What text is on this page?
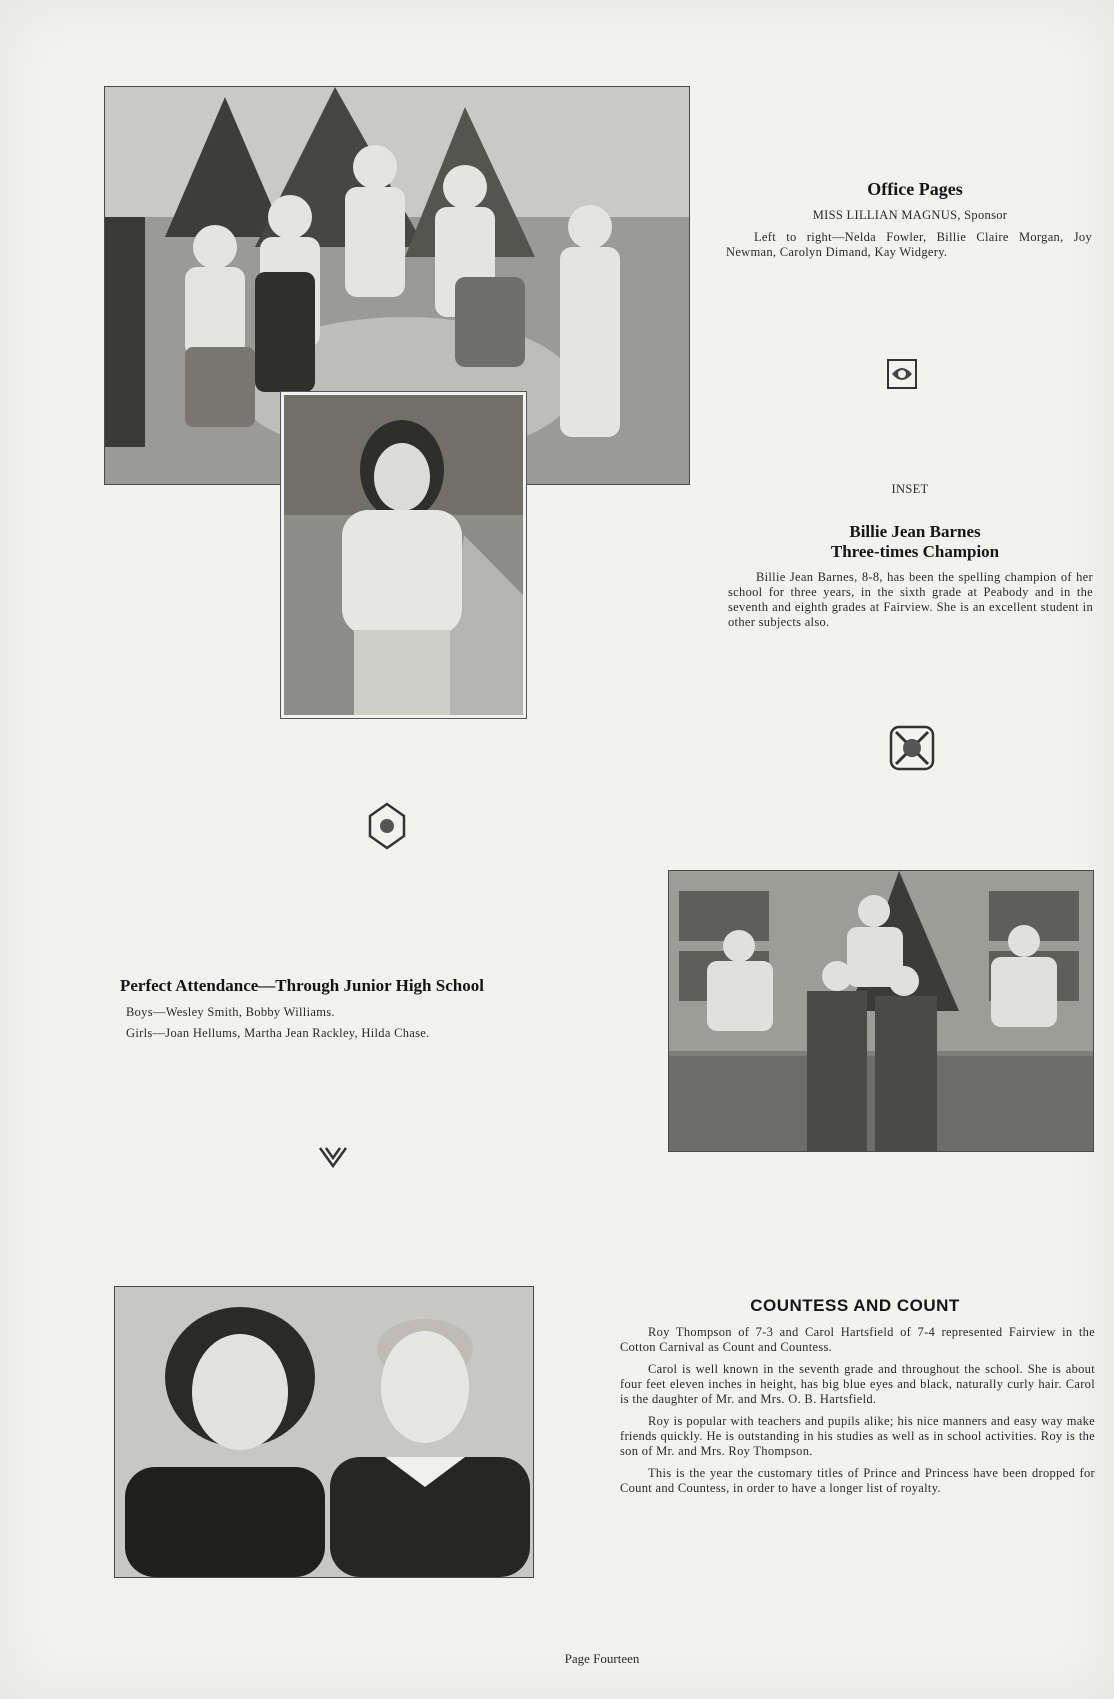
Office Pages
MISS LILLIAN MAGNUS, Sponsor
Left to right—Nelda Fowler, Billie Claire Morgan, Joy Newman, Carolyn Dimand, Kay Widgery.
INSET
Billie Jean Barnes
Three-times Champion
Billie Jean Barnes, 8-8, has been the spelling champion of her school for three years, in the sixth grade at Peabody and in the seventh and eighth grades at Fairview. She is an excellent student in other subjects also.
Perfect Attendance—Through Junior High School
Boys—Wesley Smith, Bobby Williams.
Girls—Joan Hellums, Martha Jean Rackley, Hilda Chase.
COUNTESS AND COUNT

Roy Thompson of 7-3 and Carol Hartsfield of 7-4 represented Fairview in the Cotton Carnival as Count and Countess.

Carol is well known in the seventh grade and throughout the school. She is about four feet eleven inches in height, has big blue eyes and black, naturally curly hair. Carol is the daughter of Mr. and Mrs. O. B. Hartsfield.

Roy is popular with teachers and pupils alike; his nice manners and easy way make friends quickly. He is outstanding in his studies as well as in school activities. Roy is the son of Mr. and Mrs. Roy Thompson.

This is the year the customary titles of Prince and Princess have been dropped for Count and Countess, in order to have a longer list of royalty.

Page Fourteen
